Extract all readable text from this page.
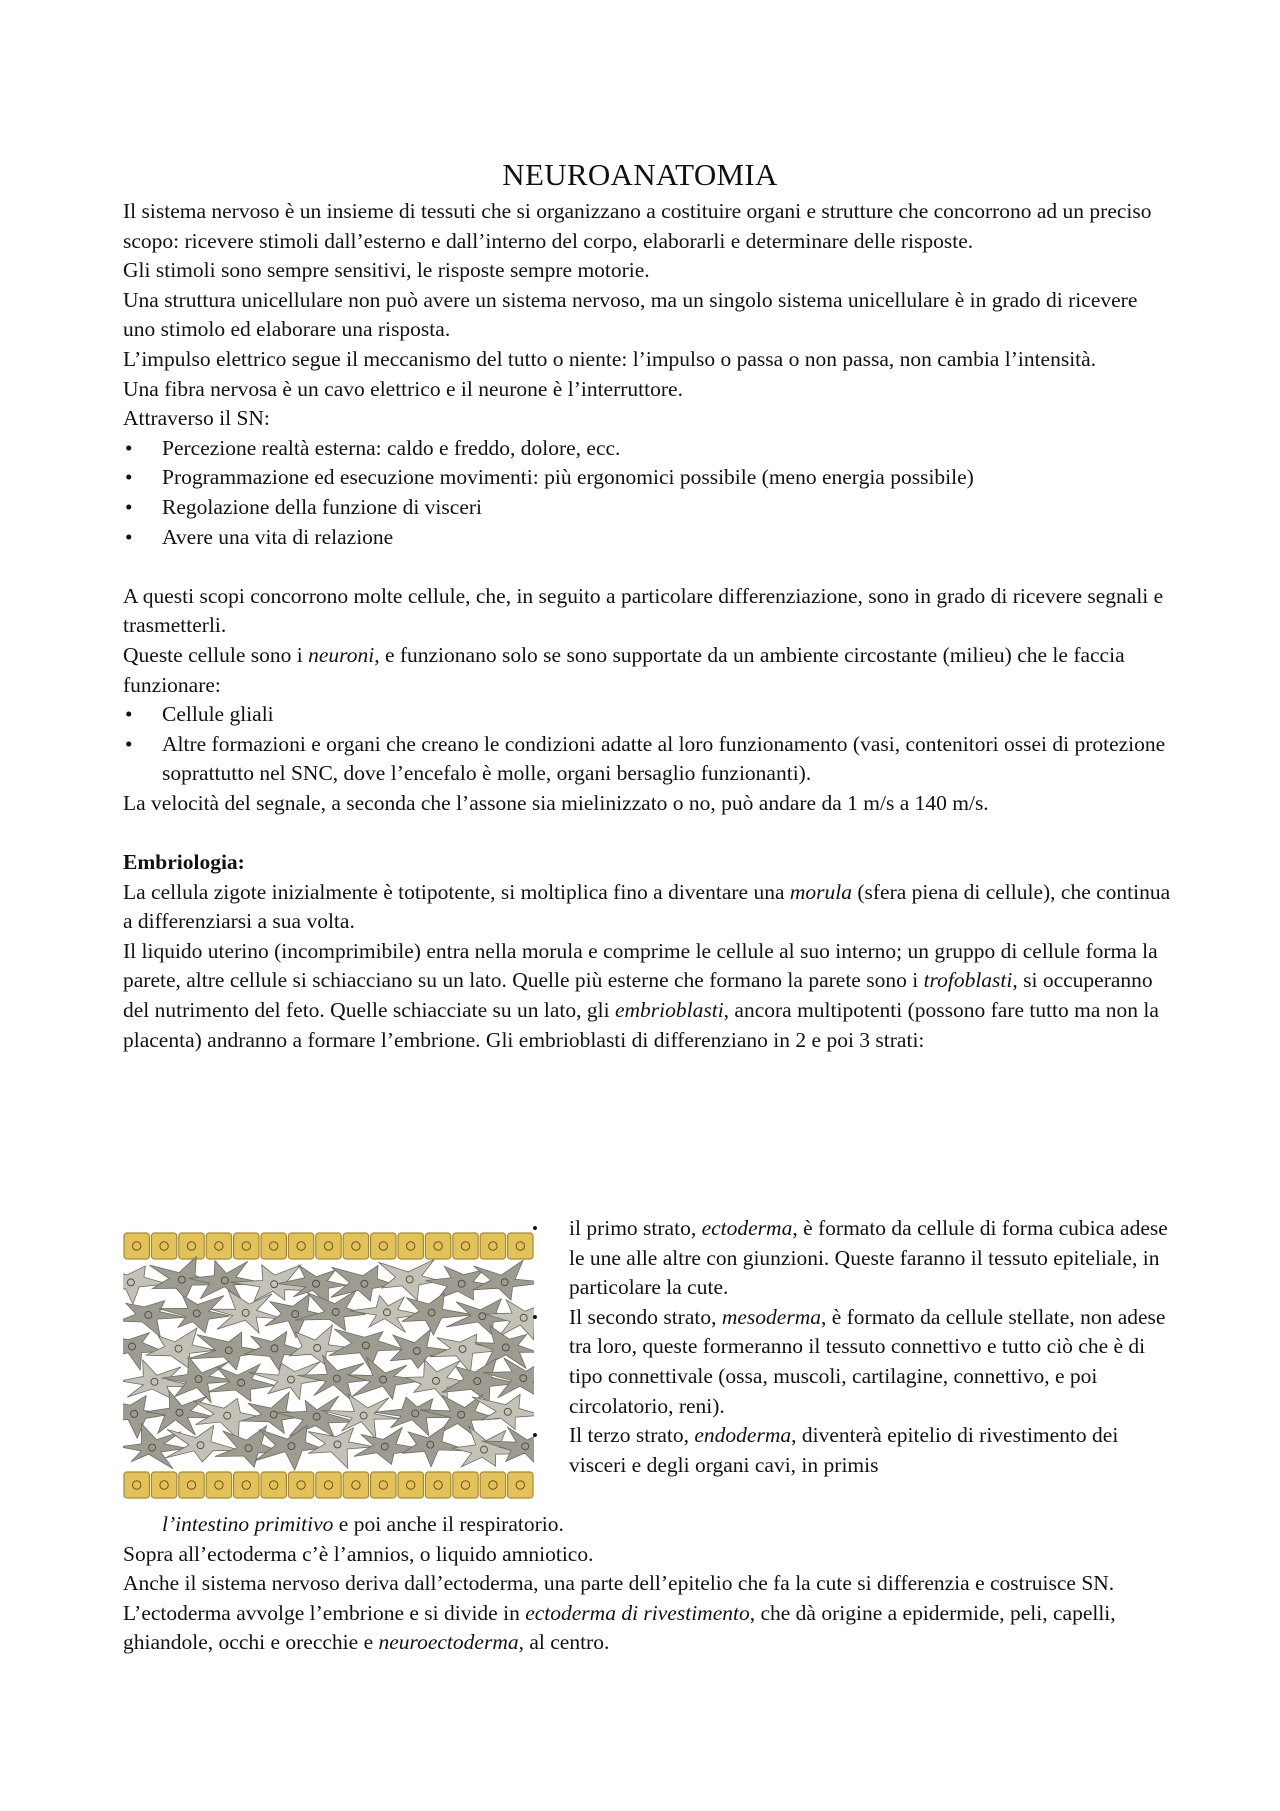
NEUROANATOMIA

Il sistema nervoso è un insieme di tessuti che si organizzano a costituire organi e strutture che concorrono ad un preciso scopo: ricevere stimoli dall’esterno e dall’interno del corpo, elaborarli e determinare delle risposte.

Gli stimoli sono sempre sensitivi, le risposte sempre motorie.

Una struttura unicellulare non può avere un sistema nervoso, ma un singolo sistema unicellulare è in grado di ricevere uno stimolo ed elaborare una risposta.

L’impulso elettrico segue il meccanismo del tutto o niente: l’impulso o passa o non passa, non cambia l’intensità.

Una fibra nervosa è un cavo elettrico e il neurone è l’interruttore.

Attraverso il SN:

• Percezione realtà esterna: caldo e freddo, dolore, ecc.
• Programmazione ed esecuzione movimenti: più ergonomici possibile (meno energia possibile)
• Regolazione della funzione di visceri
• Avere una vita di relazione

A questi scopi concorrono molte cellule, che, in seguito a particolare differenziazione, sono in grado di ricevere segnali e trasmetterli.

Queste cellule sono i neuroni, e funzionano solo se sono supportate da un ambiente circostante (milieu) che le faccia funzionare:

• Cellule gliali
• Altre formazioni e organi che creano le condizioni adatte al loro funzionamento (vasi, contenitori ossei di protezione soprattutto nel SNC, dove l’encefalo è molle, organi bersaglio funzionanti).

La velocità del segnale, a seconda che l’assone sia mielinizzato o no, può andare da 1 m/s a 140 m/s.

Embriologia:

La cellula zigote inizialmente è totipotente, si moltiplica fino a diventare una morula (sfera piena di cellule), che continua a differenziarsi a sua volta.

Il liquido uterino (incomprimibile) entra nella morula e comprime le cellule al suo interno; un gruppo di cellule forma la parete, altre cellule si schiacciano su un lato. Quelle più esterne che formano la parete sono i trofoblasti, si occuperanno del nutrimento del feto. Quelle schiacciate su un lato, gli embrioblasti, ancora multipotenti (possono fare tutto ma non la placenta) andranno a formare l’embrione. Gli embrioblasti di differenziano in 2 e poi 3 strati:

• il primo strato, ectoderma, è formato da cellule di forma cubica adese le une alle altre con giunzioni. Queste faranno il tessuto epiteliale, in particolare la cute.
• Il secondo strato, mesoderma, è formato da cellule stellate, non adese tra loro, queste formeranno il tessuto connettivo e tutto ciò che è di tipo connettivale (ossa, muscoli, cartilagine, connettivo, e poi circolatorio, reni).
• Il terzo strato, endoderma, diventerà epitelio di rivestimento dei visceri e degli organi cavi, in primis

l’intestino primitivo e poi anche il respiratorio.

Sopra all’ectoderma c’è l’amnios, o liquido amniotico.

Anche il sistema nervoso deriva dall’ectoderma, una parte dell’epitelio che fa la cute si differenzia e costruisce SN.

L’ectoderma avvolge l’embrione e si divide in ectoderma di rivestimento, che dà origine a epidermide, peli, capelli, ghiandole, occhi e orecchie e neuroectoderma, al centro.
